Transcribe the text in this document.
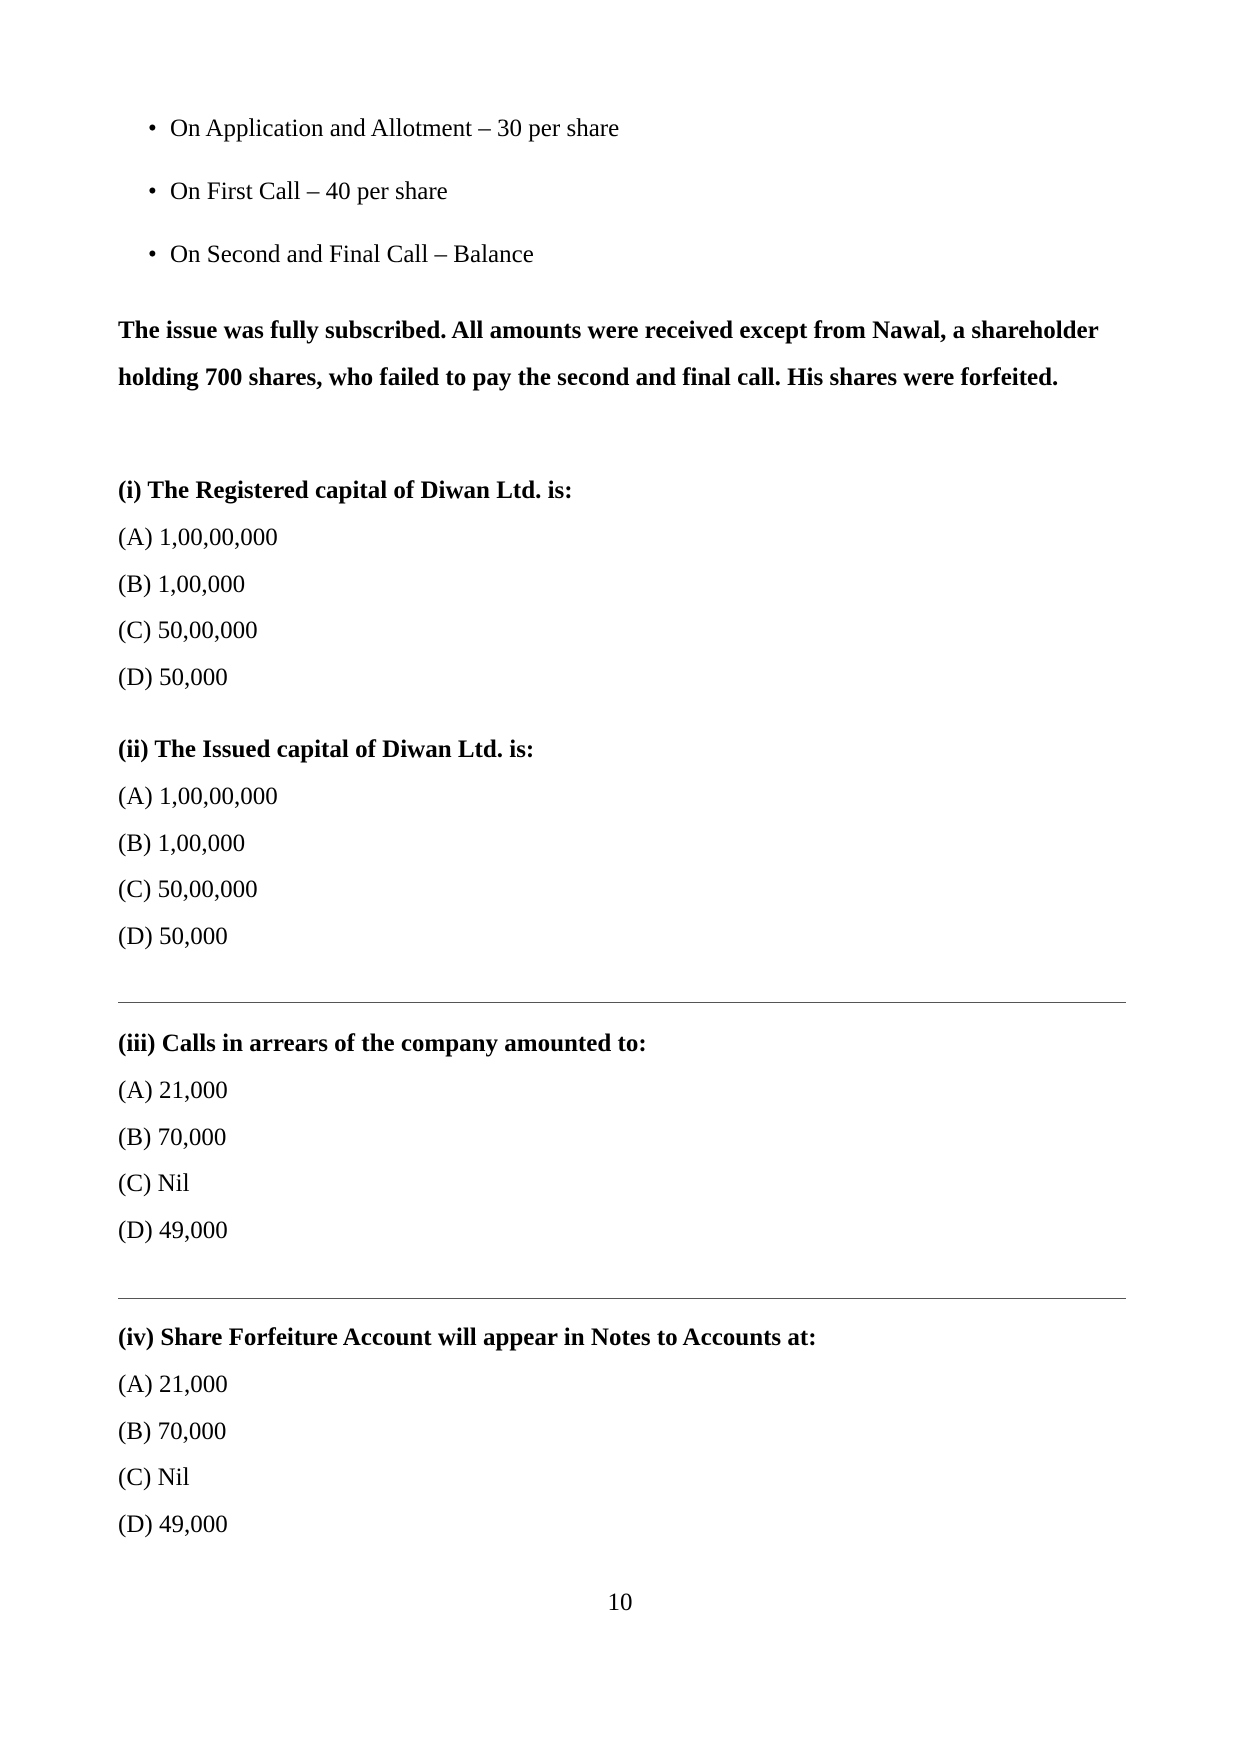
• On Application and Allotment – 30 per share
• On First Call – 40 per share
• On Second and Final Call – Balance

The issue was fully subscribed. All amounts were received except from Nawal, a shareholder holding 700 shares, who failed to pay the second and final call. His shares were forfeited.

(i) The Registered capital of Diwan Ltd. is:

(A) 1,00,00,000
(B) 1,00,000
(C) 50,00,000
(D) 50,000

(ii) The Issued capital of Diwan Ltd. is:

(A) 1,00,00,000
(B) 1,00,000
(C) 50,00,000
(D) 50,000

(iii) Calls in arrears of the company amounted to:

(A) 21,000
(B) 70,000
(C) Nil
(D) 49,000

(iv) Share Forfeiture Account will appear in Notes to Accounts at:

(A) 21,000
(B) 70,000
(C) Nil
(D) 49,000
10
